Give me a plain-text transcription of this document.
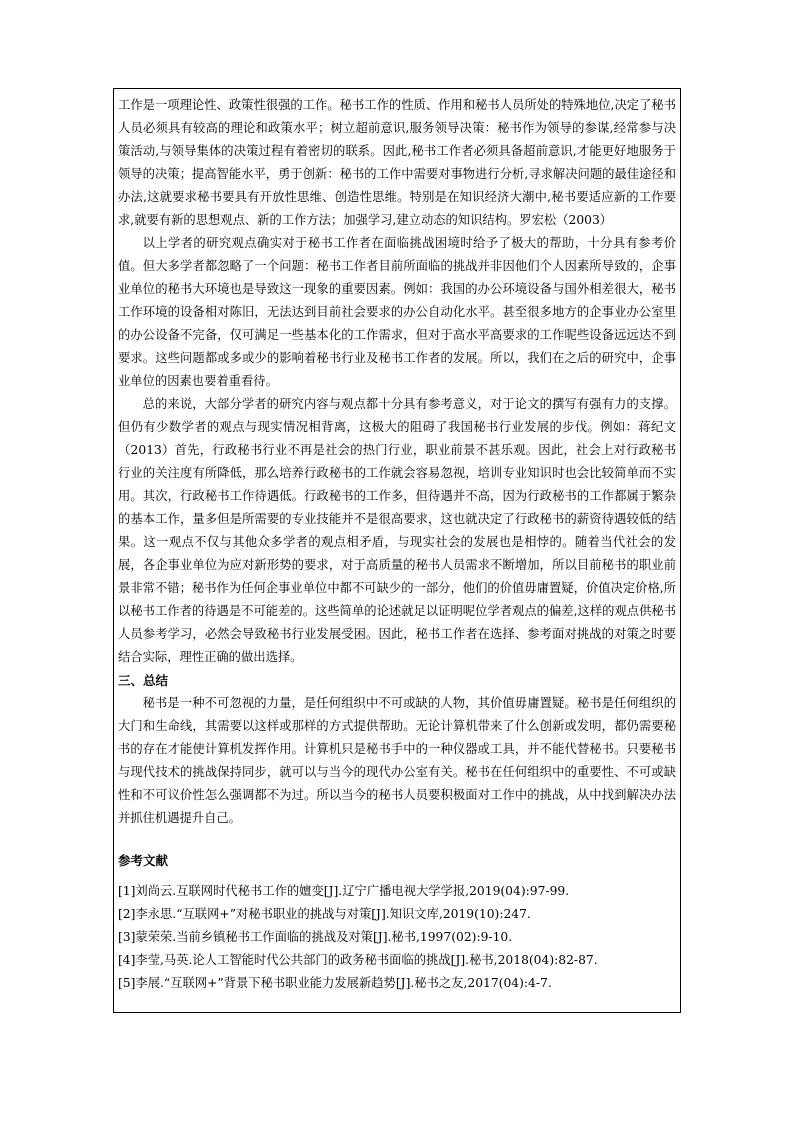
工作是一项理论性、政策性很强的工作。秘书工作的性质、作用和秘书人员所处的特殊地位,决定了秘书人员必须具有较高的理论和政策水平；树立超前意识,服务领导决策：秘书作为领导的参谋,经常参与决策活动,与领导集体的决策过程有着密切的联系。因此,秘书工作者必须具备超前意识,才能更好地服务于领导的决策；提高智能水平，勇于创新：秘书的工作中需要对事物进行分析,寻求解决问题的最佳途径和办法,这就要求秘书要具有开放性思维、创造性思维。特别是在知识经济大潮中,秘书要适应新的工作要求,就要有新的思想观点、新的工作方法；加强学习,建立动态的知识结构。罗宏松（2003）

以上学者的研究观点确实对于秘书工作者在面临挑战困境时给予了极大的帮助，十分具有参考价值。但大多学者都忽略了一个问题：秘书工作者目前所面临的挑战并非因他们个人因素所导致的，企事业单位的秘书大环境也是导致这一现象的重要因素。例如：我国的办公环境设备与国外相差很大，秘书工作环境的设备相对陈旧，无法达到目前社会要求的办公自动化水平。甚至很多地方的企事业办公室里的办公设备不完备，仅可满足一些基本化的工作需求，但对于高水平高要求的工作呢些设备远远达不到要求。这些问题都或多或少的影响着秘书行业及秘书工作者的发展。所以，我们在之后的研究中，企事业单位的因素也要着重看待。

总的来说，大部分学者的研究内容与观点都十分具有参考意义，对于论文的撰写有强有力的支撑。但仍有少数学者的观点与现实情况相背离，这极大的阻碍了我国秘书行业发展的步伐。例如：蒋纪文（2013）首先，行政秘书行业不再是社会的热门行业，职业前景不甚乐观。因此，社会上对行政秘书行业的关注度有所降低，那么培养行政秘书的工作就会容易忽视，培训专业知识时也会比较简单而不实用。其次，行政秘书工作待遇低。行政秘书的工作多，但待遇并不高，因为行政秘书的工作都属于繁杂的基本工作，量多但是所需要的专业技能并不是很高要求，这也就决定了行政秘书的薪资待遇较低的结果。这一观点不仅与其他众多学者的观点相矛盾，与现实社会的发展也是相悖的。随着当代社会的发展，各企事业单位为应对新形势的要求，对于高质量的秘书人员需求不断增加，所以目前秘书的职业前景非常不错；秘书作为任何企事业单位中都不可缺少的一部分，他们的价值毋庸置疑，价值决定价格,所以秘书工作者的待遇是不可能差的。这些简单的论述就足以证明呢位学者观点的偏差,这样的观点供秘书人员参考学习，必然会导致秘书行业发展受困。因此，秘书工作者在选择、参考面对挑战的对策之时要结合实际，理性正确的做出选择。

三、总结

秘书是一种不可忽视的力量，是任何组织中不可或缺的人物，其价值毋庸置疑。秘书是任何组织的大门和生命线，其需要以这样或那样的方式提供帮助。无论计算机带来了什么创新或发明，都仍需要秘书的存在才能使计算机发挥作用。计算机只是秘书手中的一种仪器或工具，并不能代替秘书。只要秘书与现代技术的挑战保持同步，就可以与当今的现代办公室有关。秘书在任何组织中的重要性、不可或缺性和不可议价性怎么强调都不为过。所以当今的秘书人员要积极面对工作中的挑战，从中找到解决办法并抓住机遇提升自己。

参考文献

[1]刘尚云.互联网时代秘书工作的嬗变[J].辽宁广播电视大学学报,2019(04):97-99.

[2]李永思.“互联网+”对秘书职业的挑战与对策[J].知识文库,2019(10):247.

[3]蒙荣荣.当前乡镇秘书工作面临的挑战及对策[J].秘书,1997(02):9-10.

[4]李莹,马英.论人工智能时代公共部门的政务秘书面临的挑战[J].秘书,2018(04):82-87.

[5]李展.“互联网+”背景下秘书职业能力发展新趋势[J].秘书之友,2017(04):4-7.
